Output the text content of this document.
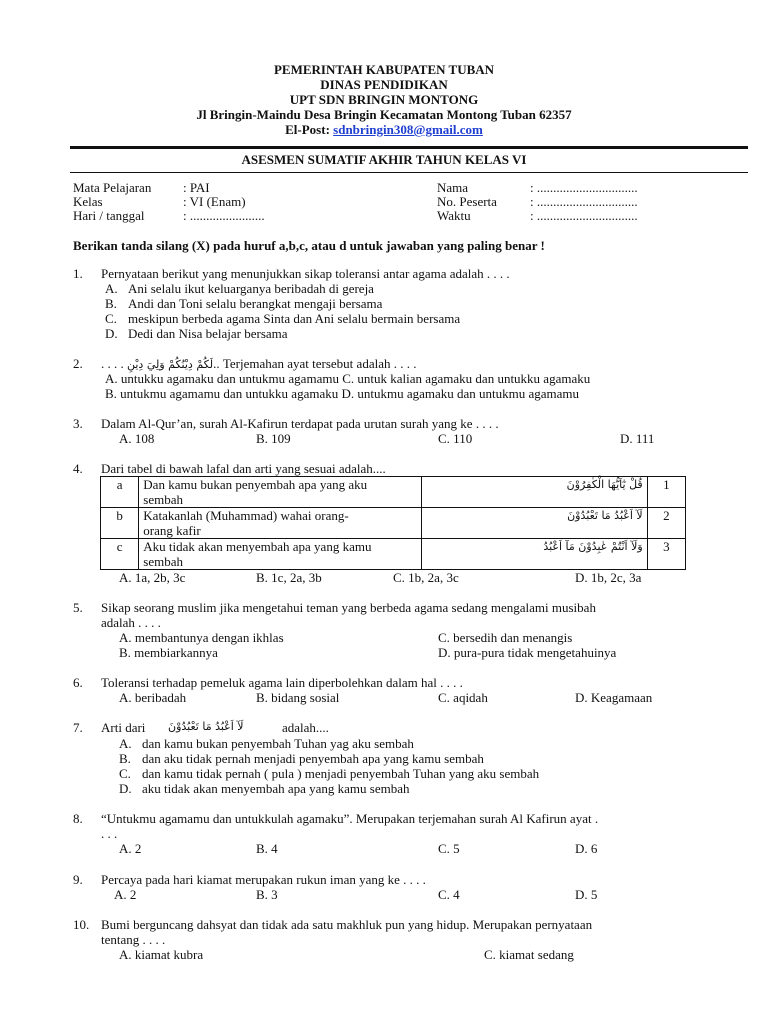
PEMERINTAH KABUPATEN TUBAN
DINAS PENDIDIKAN
UPT SDN BRINGIN MONTONG
Jl Bringin-Maindu Desa Bringin Kecamatan Montong Tuban 62357
El-Post: sdnbringin308@gmail.com
ASESMEN SUMATIF AKHIR TAHUN KELAS VI
Mata Pelajaran : PAI
Kelas	: VI (Enam)
Hari / tanggal	: .......................
Nama	: ...............................
No. Peserta	: ...............................
Waktu	: ...............................
Berikan tanda silang (X) pada huruf a,b,c, atau d untuk jawaban yang paling benar !
1. Pernyataan berikut yang menunjukkan sikap toleransi antar agama adalah . . . .
A. Ani selalu ikut keluarganya beribadah di gereja
B. Andi dan Toni selalu berangkat mengaji bersama
C. meskipun berbeda agama Sinta dan Ani selalu bermain bersama
D. Dedi dan Nisa belajar bersama
2. . . . . لَكُمْ دِيْنُكُمْ وَلِيَ دِيْنِ.. Terjemahan ayat tersebut adalah . . . .
A. untukku agamaku dan untukmu agamamu C. untuk kalian agamaku dan untukku agamaku
B. untukmu agamamu dan untukku agamaku D. untukmu agamaku dan untukmu agamamu
3. Dalam Al-Qur’an, surah Al-Kafirun terdapat pada urutan surah yang ke . . . .
A. 108	B. 109	C. 110	D. 111
4. Dari tabel di bawah lafal dan arti yang sesuai adalah....
a	Dan kamu bukan penyembah apa yang aku
sembah	قُلْ يٰٓاَيُّهَا الْكٰفِرُوْنَ	1
b	Katakanlah (Muhammad) wahai orang-
orang kafir	لَآ اَعْبُدُ مَا تَعْبُدُوْنَ	2
c	Aku tidak akan menyembah apa yang kamu
sembah	وَلَآ اَنْتُمْ عٰبِدُوْنَ مَآ اَعْبُدُ	3
A. 1a, 2b, 3c	B. 1c, 2a, 3b	C. 1b, 2a, 3c	D. 1b, 2c, 3a
5. Sikap seorang muslim jika mengetahui teman yang berbeda agama sedang mengalami musibah
adalah . . . .
A. membantunya dengan ikhlas	C. bersedih dan menangis
B. membiarkannya	D. pura-pura tidak mengetahuinya
6. Toleransi terhadap pemeluk agama lain diperbolehkan dalam hal . . . .
A. beribadah	B. bidang sosial	C. aqidah	D. Keagamaan
7. Arti dari لَآ اَعْبُدُ مَا تَعْبُدُوْنَ	adalah....
A. dan kamu bukan penyembah Tuhan yag aku sembah
B. dan aku tidak pernah menjadi penyembah apa yang kamu sembah
C. dan kamu tidak pernah ( pula ) menjadi penyembah Tuhan yang aku sembah
D. aku tidak akan menyembah apa yang kamu sembah
8. “Untukmu agamamu dan untukkulah agamaku”. Merupakan terjemahan surah Al Kafirun ayat .
. . .
A. 2	B. 4	C. 5	D. 6
9. Percaya pada hari kiamat merupakan rukun iman yang ke . . . .
A. 2	B. 3	C. 4	D. 5
10. Bumi berguncang dahsyat dan tidak ada satu makhluk pun yang hidup. Merupakan pernyataan
tentang . . . .
A. kiamat kubra	C. kiamat sedang
